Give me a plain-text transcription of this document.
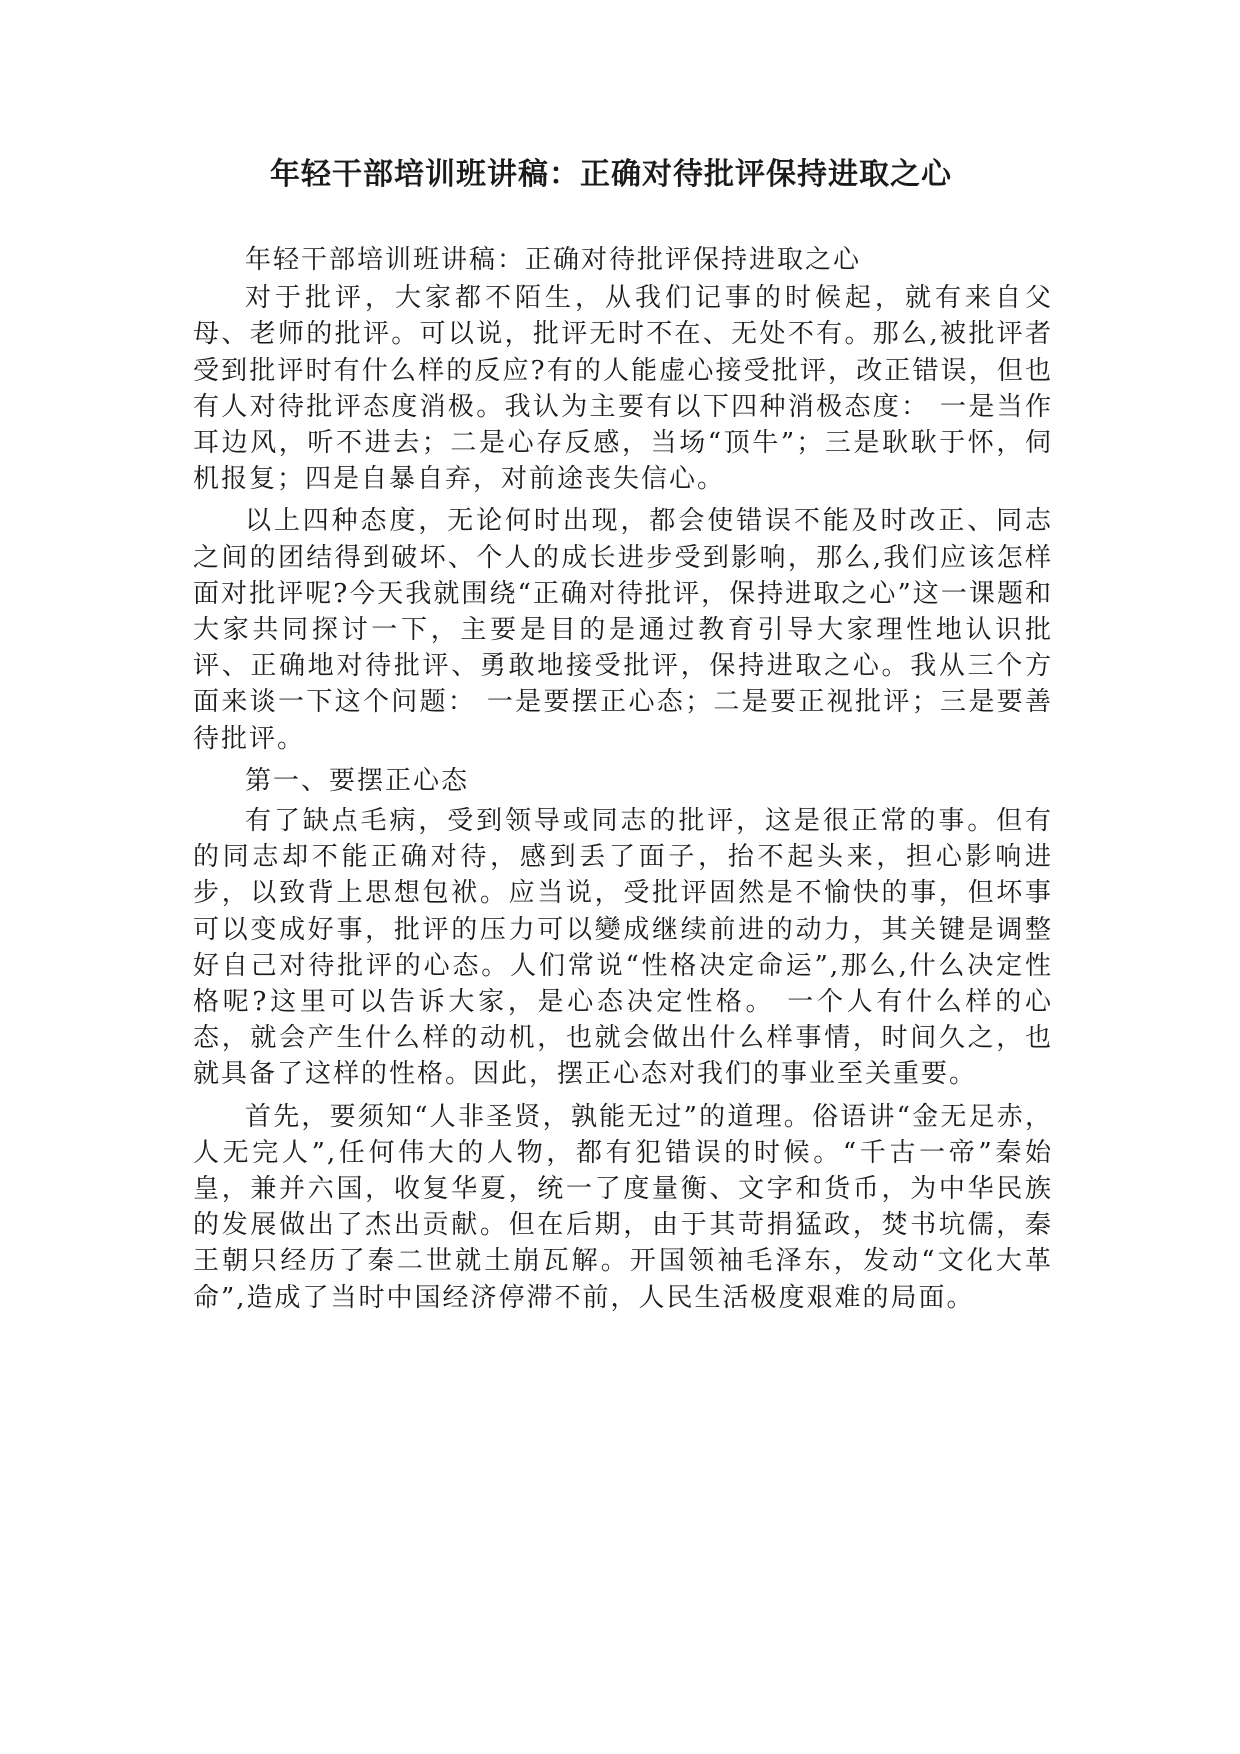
年轻干部培训班讲稿：正确对待批评保持进取之心

年轻干部培训班讲稿：正确对待批评保持进取之心

对于批评，大家都不陌生，从我们记事的时候起，就有来自父母、老师的批评。可以说，批评无时不在、无处不有。那么,被批评者受到批评时有什么样的反应?有的人能虚心接受批评，改正错误，但也有人对待批评态度消极。我认为主要有以下四种消极态度： 一是当作 耳边风，听不进去；二是心存反感，当场“顶牛”；三是耿耿于怀，伺机报复；四是自暴自弃，对前途丧失信心。

以上四种态度，无论何时出现，都会使错误不能及时改正、同志之间的团结得到破坏、个人的成长进步受到影响，那么,我们应该怎样面对批评呢?今天我就围绕“正确对待批评，保持进取之心”这一课题和大家共同探讨一下，主要是目的是通过教育引导大家理性地认识批评、正确地对待批评、勇敢地接受批评，保持进取之心。我从三个方面来谈一下这个问题： 一是要摆正心态；二是要正视批评；三是要善待批评。

第一、要摆正心态

有了缺点毛病，受到领导或同志的批评，这是很正常的事。但有的同志却不能正确对待，感到丢了面子，抬不起头来，担心影响进步，以致背上思想包袱。应当说，受批评固然是不愉快的事，但坏事可以变成好事，批评的压力可以變成继续前进的动力，其关键是调整好自己对待批评的心态。人们常说“性格决定命运”,那么,什么决定性格呢?这里可以告诉大家，是心态决定性格。 一个人有什么样的心态，就会产生什么样的动机，也就会做出什么样事情，时间久之，也就具备了这样的性格。因此，摆正心态对我们的事业至关重要。

首先，要须知“人非圣贤，孰能无过”的道理。俗语讲“金无足赤，人无完人”,任何伟大的人物，都有犯错误的时候。“千古一帝”秦始皇，兼并六国，收复华夏，统一了度量衡、文字和货币，为中华民族的发展做出了杰出贡献。但在后期，由于其苛捐猛政，焚书坑儒，秦王朝只经历了秦二世就土崩瓦解。开国领袖毛泽东，发动“文化大革命”,造成了当时中国经济停滞不前，人民生活极度艰难的局面。
